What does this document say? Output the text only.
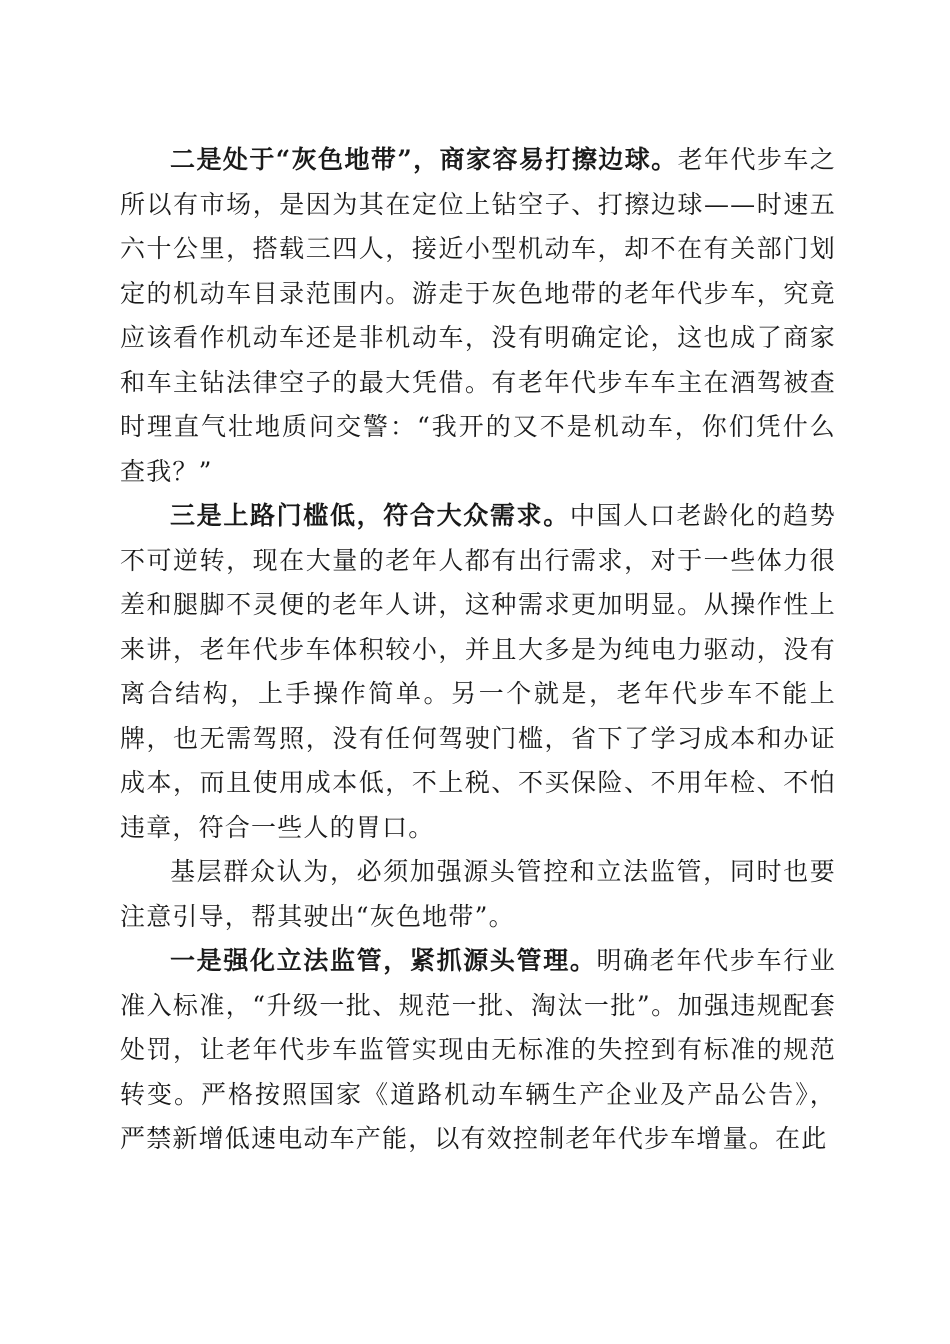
二是处于“灰色地带”，商家容易打擦边球。老年代步车之所以有市场，是因为其在定位上钻空子、打擦边球——时速五六十公里，搭载三四人，接近小型机动车，却不在有关部门划定的机动车目录范围内。游走于灰色地带的老年代步车，究竟应该看作机动车还是非机动车，没有明确定论，这也成了商家和车主钻法律空子的最大凭借。有老年代步车车主在酒驾被查时理直气壮地质问交警：“我开的又不是机动车，你们凭什么查我？”

三是上路门槛低，符合大众需求。中国人口老龄化的趋势不可逆转，现在大量的老年人都有出行需求，对于一些体力很差和腿脚不灵便的老年人讲，这种需求更加明显。从操作性上来讲，老年代步车体积较小，并且大多是为纯电力驱动，没有离合结构，上手操作简单。另一个就是，老年代步车不能上牌，也无需驾照，没有任何驾驶门槛，省下了学习成本和办证成本，而且使用成本低，不上税、不买保险、不用年检、不怕违章，符合一些人的胃口。

基层群众认为，必须加强源头管控和立法监管，同时也要注意引导，帮其驶出“灰色地带”。

一是强化立法监管，紧抓源头管理。明确老年代步车行业准入标准，“升级一批、规范一批、淘汰一批”。加强违规配套处罚，让老年代步车监管实现由无标准的失控到有标准的规范转变。严格按照国家《道路机动车辆生产企业及产品公告》，严禁新增低速电动车产能，以有效控制老年代步车增量。在此
